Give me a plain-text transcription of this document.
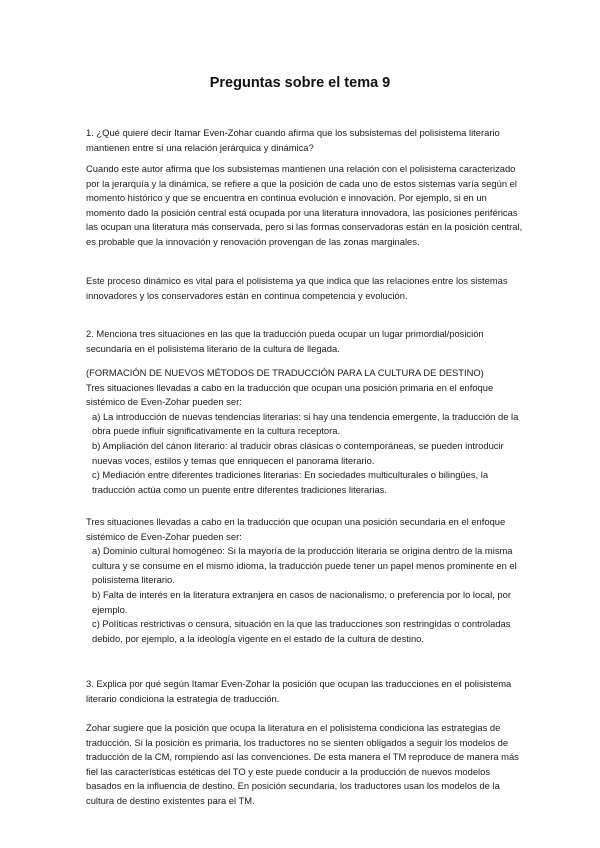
Preguntas sobre el tema 9

1. ¿Qué quiere decir Itamar Even-Zohar cuando afirma que los subsistemas del polisistema literario mantienen entre sí una relación jerárquica y dinámica?

Cuando este autor afirma que los subsistemas mantienen una relación con el polisistema caracterizado por la jerarquía y la dinámica, se refiere a que la posición de cada uno de estos sistemas varía según el momento histórico y que se encuentra en continua evolución e innovación. Por ejemplo, si en un momento dado la posición central está ocupada por una literatura innovadora, las posiciones periféricas las ocupan una literatura más conservada, pero si las formas conservadoras están en la posición central, es probable que la innovación y renovación provengan de las zonas marginales.

Este proceso dinámico es vital para el polisistema ya que indica que las relaciones entre los sistemas innovadores y los conservadores están en continua competencia y evolución.

2. Menciona tres situaciones en las que la traducción pueda ocupar un lugar primordial/posición secundaria en el polisistema literario de la cultura de llegada.

(FORMACIÓN DE NUEVOS MÉTODOS DE TRADUCCIÓN PARA LA CULTURA DE DESTINO)

Tres situaciones llevadas a cabo en la traducción que ocupan una posición primaria en el enfoque sistémico de Even-Zohar pueden ser:

a) La introducción de nuevas tendencias literarias: si hay una tendencia emergente, la traducción de la obra puede influir significativamente en la cultura receptora.

b) Ampliación del cánon literario: al traducir obras clásicas o contemporáneas, se pueden introducir nuevas voces, estilos y temas que enriquecen el panorama literario.

c) Mediación entre diferentes tradiciones literarias: En sociedades multiculturales o bilingües, la traducción actúa como un puente entre diferentes tradiciones literarias.

Tres situaciones llevadas a cabo en la traducción que ocupan una posición secundaria en el enfoque sistémico de Even-Zohar pueden ser:

a) Dominio cultural homogéneo: Si la mayoría de la producción literaria se origina dentro de la misma cultura y se consume en el mismo idioma, la traducción puede tener un papel menos prominente en el polisistema literario.

b) Falta de interés en la literatura extranjera en casos de nacionalismo, o preferencia por lo local, por ejemplo.

c) Políticas restrictivas o censura, situación en la que las traducciones son restringidas o controladas debido, por ejemplo, a la ideología vigente en el estado de la cultura de destino.

3. Explica por qué según Itamar Even-Zohar la posición que ocupan las traducciones en el polisistema literario condiciona la estrategia de traducción.

Zohar sugiere que la posición que ocupa la literatura en el polisistema condiciona las estrategias de traducción. Si la posición es primaria, los traductores no se sienten obligados a seguir los modelos de traducción de la CM, rompiendo así las convenciones. De esta manera el TM reproduce de manera más fiel las características estéticas del TO y este puede conducir a la producción de nuevos modelos basados en la influencia de destino. En posición secundaria, los traductores usan los modelos de la cultura de destino existentes para el TM.
